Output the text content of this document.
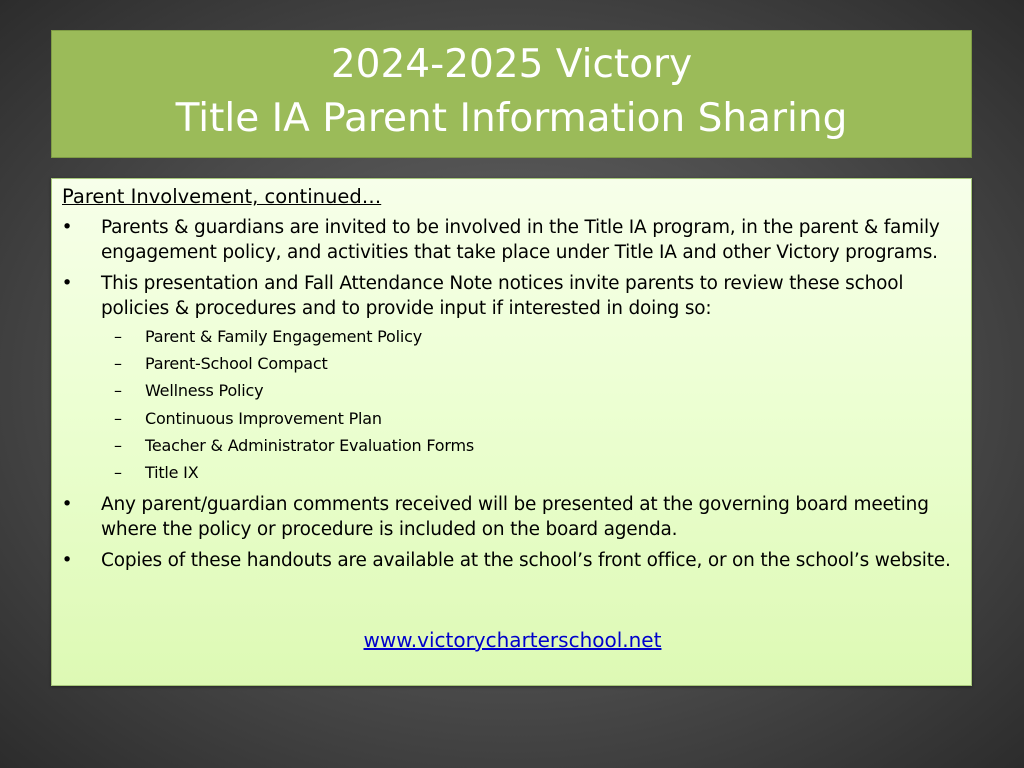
2024-2025 Victory
Title IA Parent Information Sharing
Parent Involvement, continued…
• Parents & guardians are invited to be involved in the Title IA program, in the parent & family engagement policy, and activities that take place under Title IA and other Victory programs.
• This presentation and Fall Attendance Note notices invite parents to review these school policies & procedures and to provide input if interested in doing so:
– Parent & Family Engagement Policy
– Parent-School Compact
– Wellness Policy
– Continuous Improvement Plan
– Teacher & Administrator Evaluation Forms
– Title IX
• Any parent/guardian comments received will be presented at the governing board meeting where the policy or procedure is included on the board agenda.
• Copies of these handouts are available at the school’s front office, or on the school’s website.
www.victorycharterschool.net
